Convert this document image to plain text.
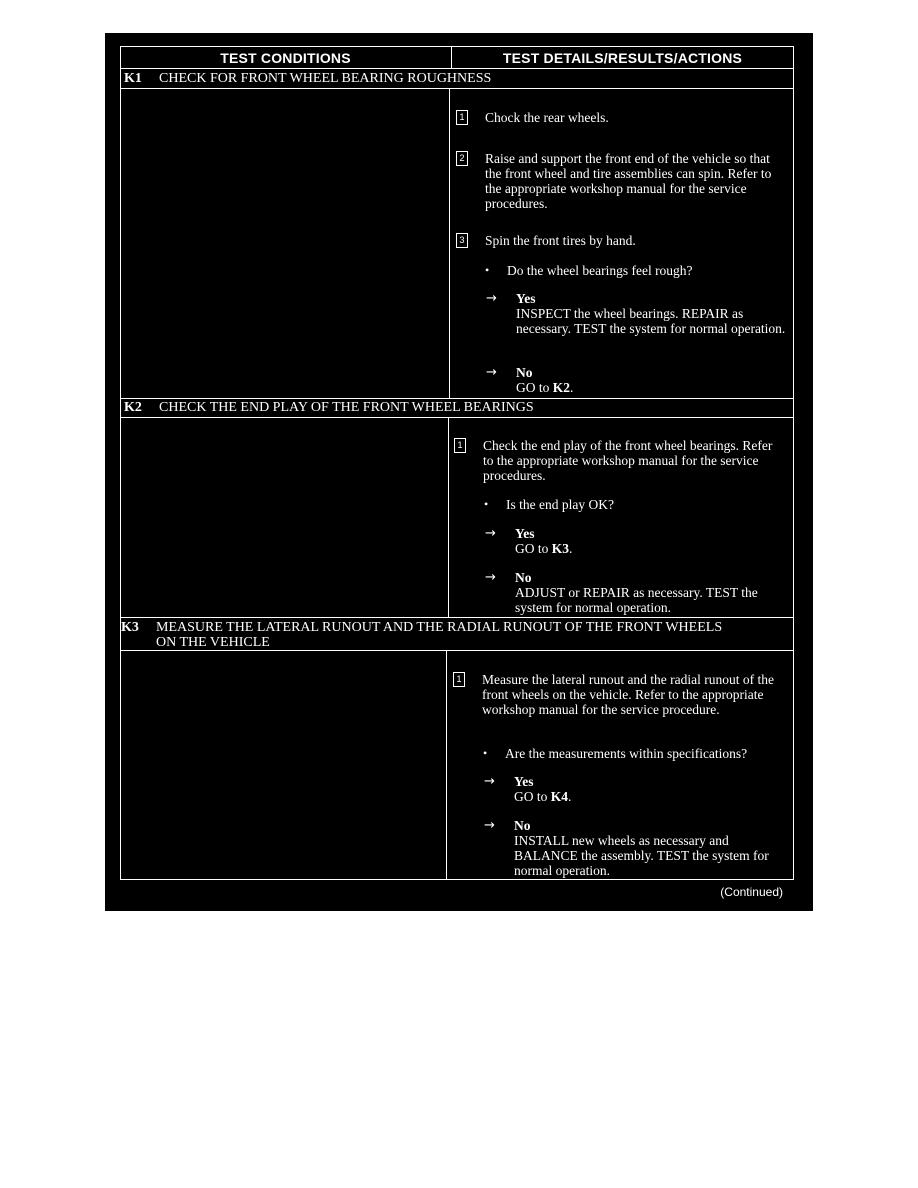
TEST CONDITIONS	TEST DETAILS/RESULTS/ACTIONS
K1 CHECK FOR FRONT WHEEL BEARING ROUGHNESS
1 Chock the rear wheels.
2 Raise and support the front end of the vehicle so that the front wheel and tire assemblies can spin. Refer to the appropriate workshop manual for the service procedures.
3 Spin the front tires by hand.
• Do the wheel bearings feel rough?
→ Yes
INSPECT the wheel bearings. REPAIR as necessary. TEST the system for normal operation.
→ No
GO to K2.
K2 CHECK THE END PLAY OF THE FRONT WHEEL BEARINGS
1 Check the end play of the front wheel bearings. Refer to the appropriate workshop manual for the service procedures.
• Is the end play OK?
→ Yes
GO to K3.
→ No
ADJUST or REPAIR as necessary. TEST the system for normal operation.
K3 MEASURE THE LATERAL RUNOUT AND THE RADIAL RUNOUT OF THE FRONT WHEELS
ON THE VEHICLE
1 Measure the lateral runout and the radial runout of the front wheels on the vehicle. Refer to the appropriate workshop manual for the service procedure.
• Are the measurements within specifications?
→ Yes
GO to K4.
→ No
INSTALL new wheels as necessary and BALANCE the assembly. TEST the system for normal operation.
(Continued)
